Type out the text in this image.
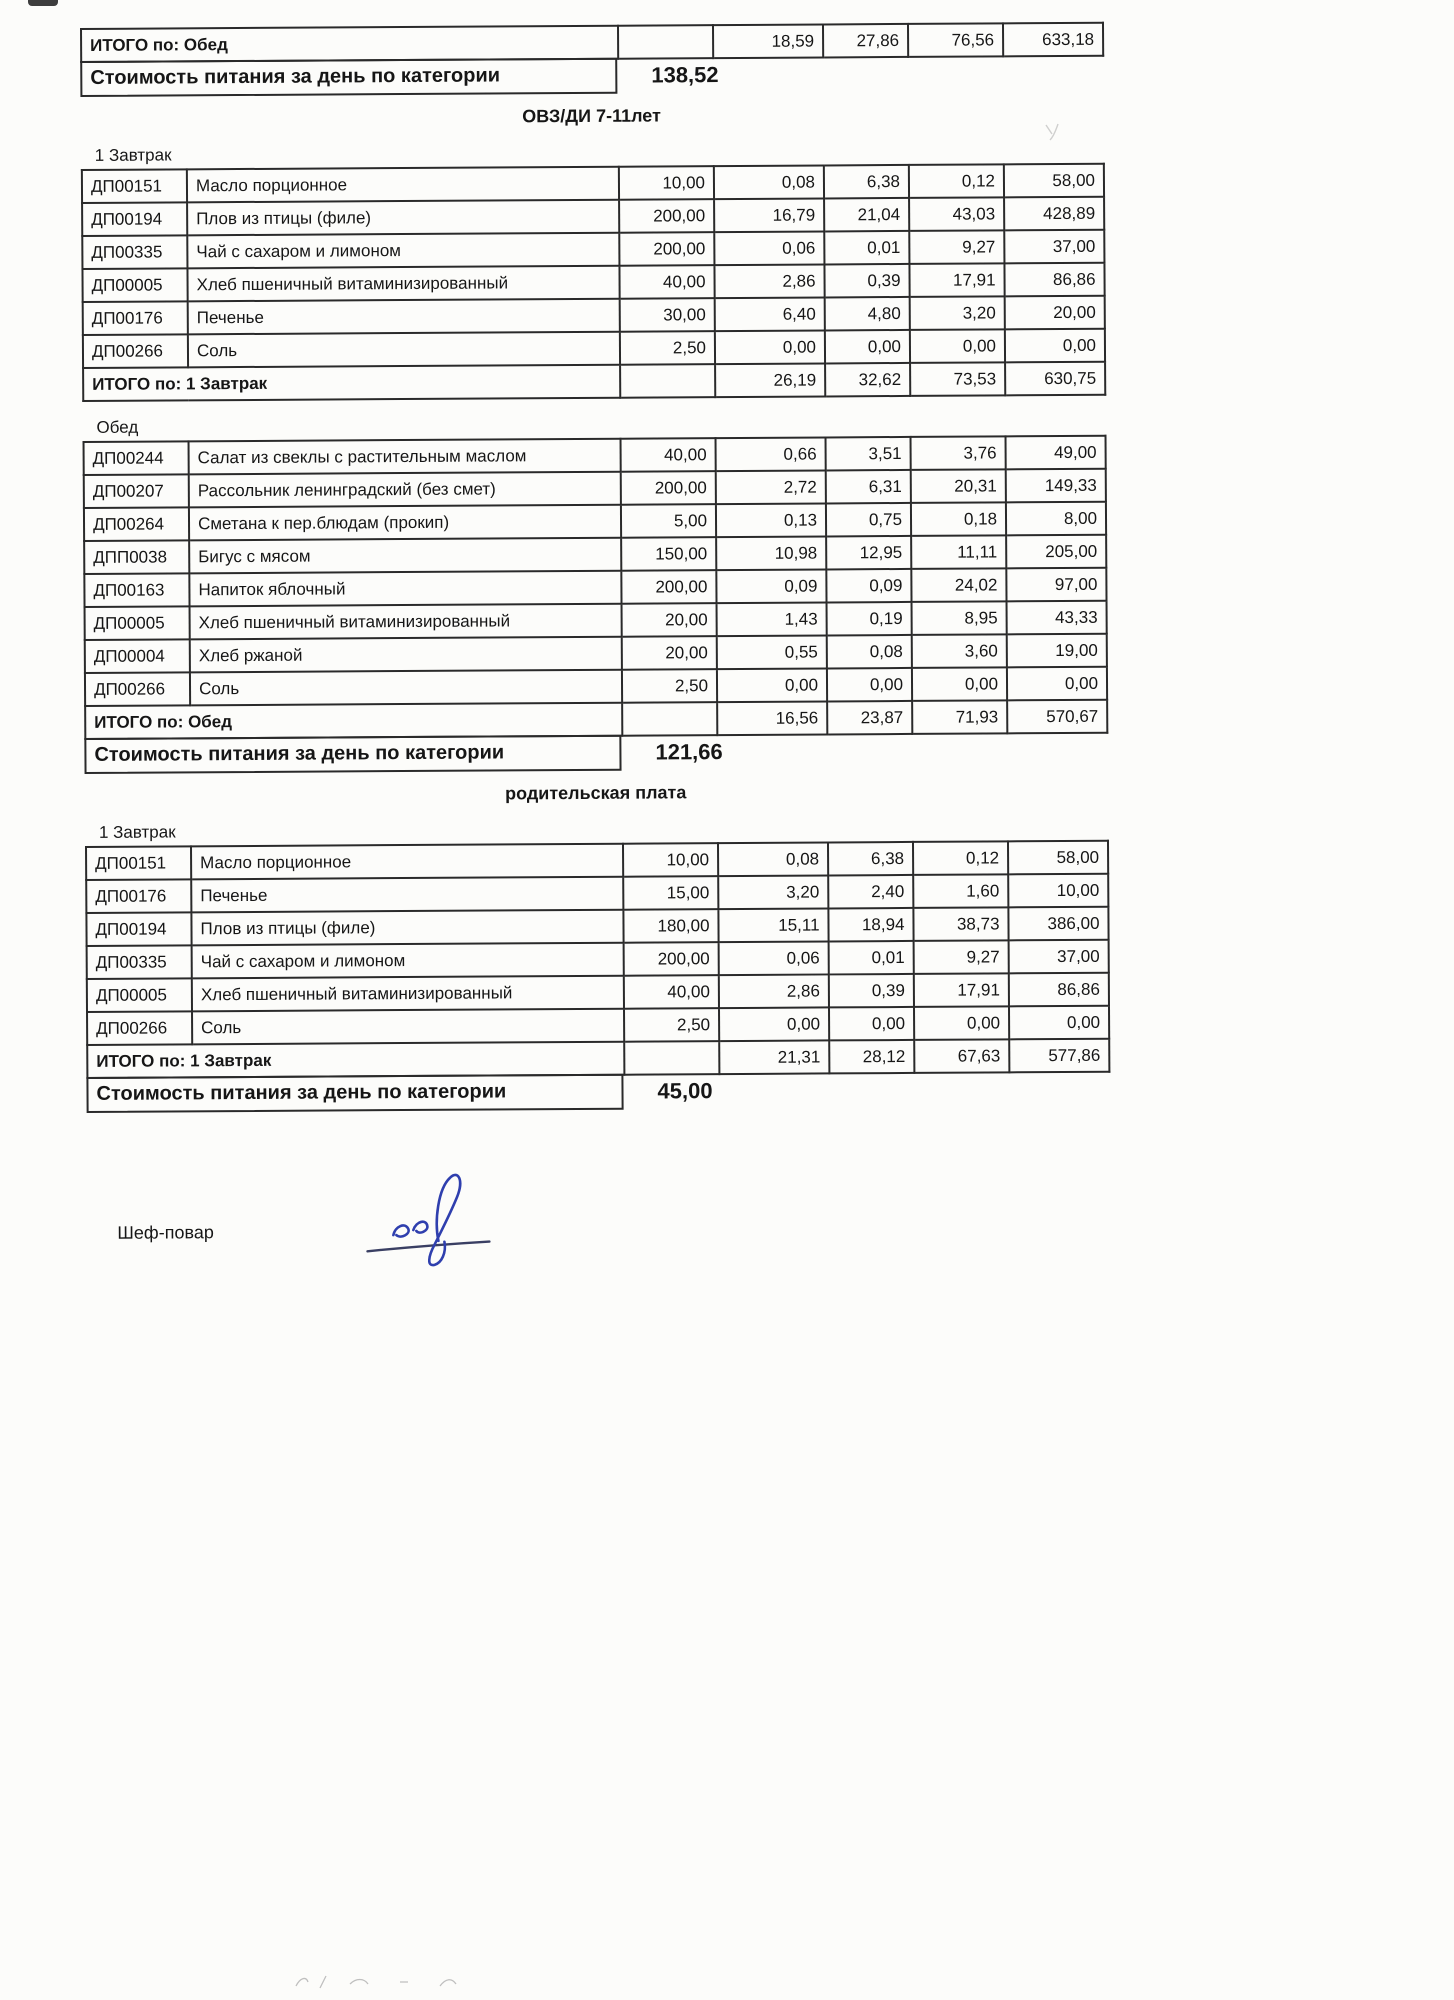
ИТОГО по: Обед		18,59	27,86	76,56	633,18
Стоимость питания за день по категории	138,52
ОВЗ/ДИ 7-11лет
1 Завтрак
ДП00151	Масло порционное	10,00	0,08	6,38	0,12	58,00
ДП00194	Плов из птицы (филе)	200,00	16,79	21,04	43,03	428,89
ДП00335	Чай с сахаром и лимоном	200,00	0,06	0,01	9,27	37,00
ДП00005	Хлеб пшеничный витаминизированный	40,00	2,86	0,39	17,91	86,86
ДП00176	Печенье	30,00	6,40	4,80	3,20	20,00
ДП00266	Соль	2,50	0,00	0,00	0,00	0,00
ИТОГО по: 1 Завтрак			26,19	32,62	73,53	630,75
Обед
ДП00244	Салат из свеклы с растительным маслом	40,00	0,66	3,51	3,76	49,00
ДП00207	Рассольник ленинградский (без смет)	200,00	2,72	6,31	20,31	149,33
ДП00264	Сметана к пер.блюдам (прокип)	5,00	0,13	0,75	0,18	8,00
ДПП0038	Бигус с мясом	150,00	10,98	12,95	11,11	205,00
ДП00163	Напиток яблочный	200,00	0,09	0,09	24,02	97,00
ДП00005	Хлеб пшеничный витаминизированный	20,00	1,43	0,19	8,95	43,33
ДП00004	Хлеб ржаной	20,00	0,55	0,08	3,60	19,00
ДП00266	Соль	2,50	0,00	0,00	0,00	0,00
ИТОГО по: Обед			16,56	23,87	71,93	570,67
Стоимость питания за день по категории	121,66
родительская плата
1 Завтрак
ДП00151	Масло порционное	10,00	0,08	6,38	0,12	58,00
ДП00176	Печенье	15,00	3,20	2,40	1,60	10,00
ДП00194	Плов из птицы (филе)	180,00	15,11	18,94	38,73	386,00
ДП00335	Чай с сахаром и лимоном	200,00	0,06	0,01	9,27	37,00
ДП00005	Хлеб пшеничный витаминизированный	40,00	2,86	0,39	17,91	86,86
ДП00266	Соль	2,50	0,00	0,00	0,00	0,00
ИТОГО по: 1 Завтрак			21,31	28,12	67,63	577,86
Стоимость питания за день по категории	45,00
Шеф-повар
